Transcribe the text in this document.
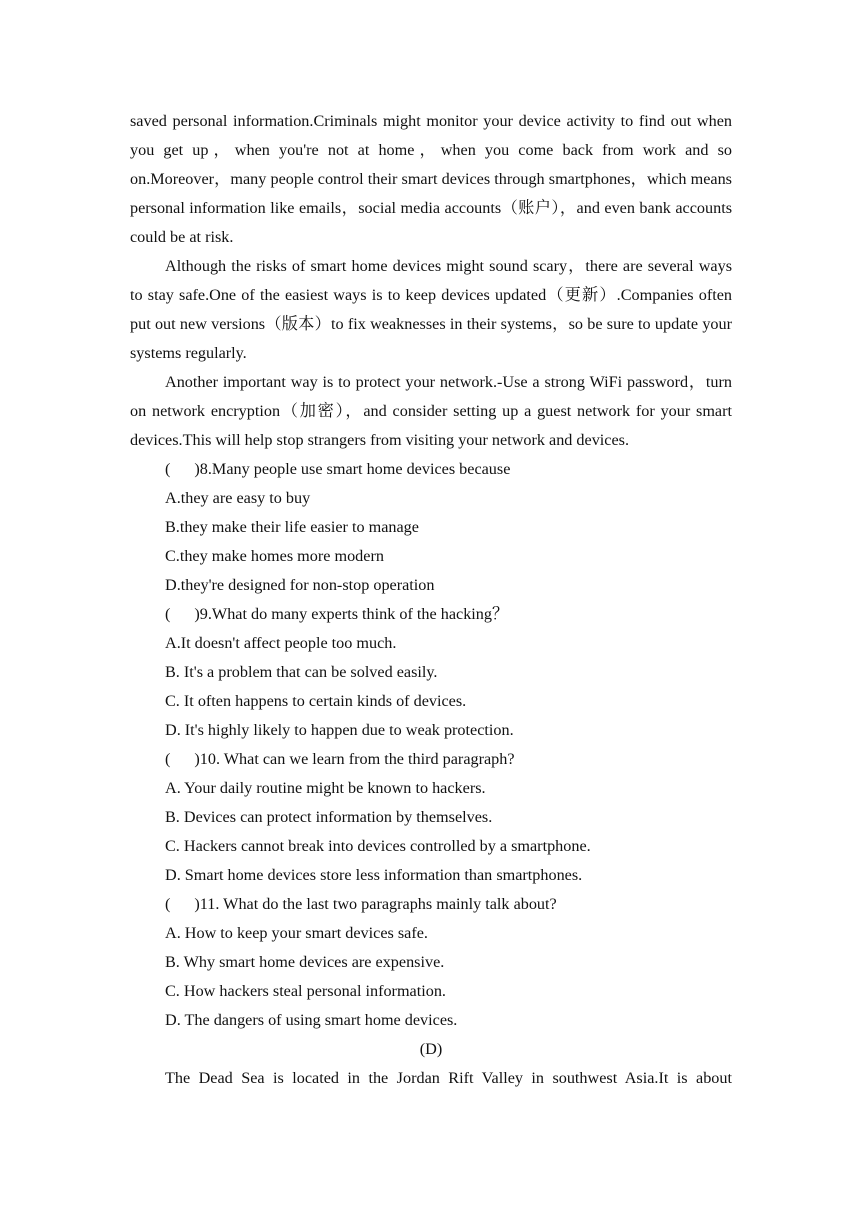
saved personal information.Criminals might monitor your device activity to find out when you get up，when you're not at home，when you come back from work and so on.Moreover，many people control their smart devices through smartphones，which means personal information like emails，social media accounts（账户），and even bank accounts could be at risk.

Although the risks of smart home devices might sound scary，there are several ways to stay safe.One of the easiest ways is to keep devices updated（更新）.Companies often put out new versions（版本）to fix weaknesses in their systems，so be sure to update your systems regularly.

Another important way is to protect your network.-Use a strong WiFi password，turn on network encryption（加密），and consider setting up a guest network for your smart devices.This will help stop strangers from visiting your network and devices.

( )8.Many people use smart home devices because
A.they are easy to buy
B.they make their life easier to manage
C.they make homes more modern
D.they're designed for non-stop operation
( )9.What do many experts think of the hacking？
A.It doesn't affect people too much.
B. It's a problem that can be solved easily.
C. It often happens to certain kinds of devices.
D. It's highly likely to happen due to weak protection.
( )10. What can we learn from the third paragraph?
A. Your daily routine might be known to hackers.
B. Devices can protect information by themselves.
C. Hackers cannot break into devices controlled by a smartphone.
D. Smart home devices store less information than smartphones.
( )11. What do the last two paragraphs mainly talk about?
A. How to keep your smart devices safe.
B. Why smart home devices are expensive.
C. How hackers steal personal information.
D. The dangers of using smart home devices.
(D)

The Dead Sea is located in the Jordan Rift Valley in southwest Asia.It is about
